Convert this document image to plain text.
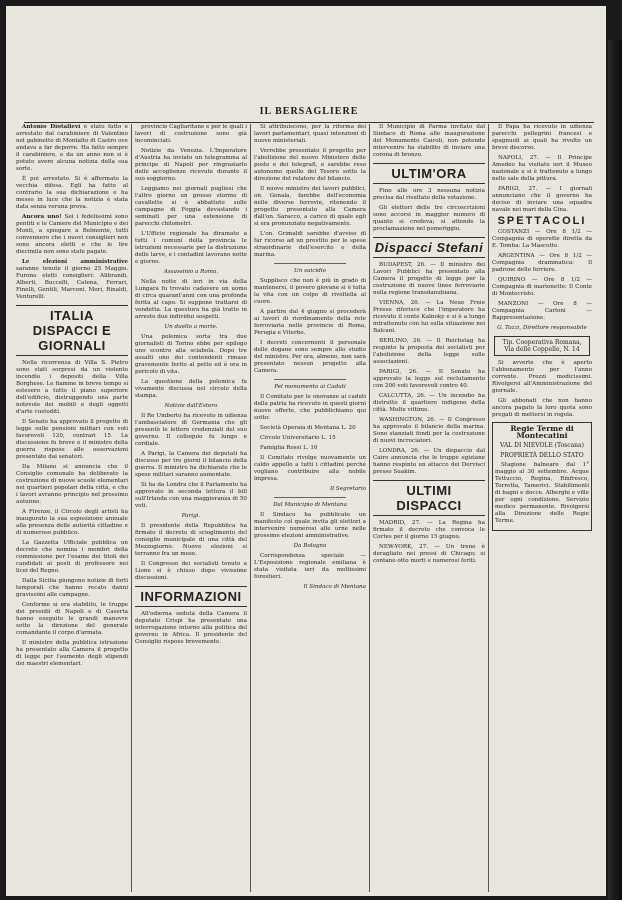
IL BERSAGLIERE

Antonio Diotallevi è stato fatto e arrestato dal carabiniere di Valentino nel gabinetto di Montalto di Castro ove andava a far deporre. Ha fatto sempre il carabiniere, e da un anno non si è potuto avere alcuna notizia della sua sorte.

È poi arrestato. Si è affermato la vecchia difesa. Egli ha fatto al contrario la sua dichiarazione e ha messo in luce che la notizia è stata data senza veruna prova.

Ancora uno! Sei i fedelissimi sono pentiti e le Camere del Municipio e dei Monti, a spiegare a Belmonte, tutti convennero che i nuovi consiglieri non sono ancora eletti e che le lire diecimila non sono state pagate.

Le elezioni amministrative saranno tenute il giorno 25 Maggio. Furono eletti consiglieri: Alibrandi, Alberti, Buccelli, Catena, Ferrari, Finelli, Gentili, Marconi, Mori, Rinaldi, Venturelli.

ITALIA DISPACCI E GIORNALI

Nella ricorrenza di Villa S. Pietro sono stati sorpresi da un violento incendio i depositi della Villa Borghese. Le fiamme in breve tempo si estesero a tutto il piano superiore dell'edificio, distruggendo una parte notevole dei mobili e degli oggetti d'arte custoditi.

Il Senato ha approvato il progetto di legge sulle pensioni militari con voti favorevoli 120, contrari 15. La discussione fu breve e il ministro della guerra rispose alle osservazioni presentate dai senatori.

Da Milano si annuncia che il Consiglio comunale ha deliberato la costruzione di nuove scuole elementari nei quartieri popolari della città, e che i lavori avranno principio nel prossimo autunno.

A Firenze, il Circolo degli artisti ha inaugurato la sua esposizione annuale alla presenza delle autorità cittadine e di numeroso pubblico.

La Gazzetta Ufficiale pubblica un decreto che nomina i membri della commissione per l'esame dei titoli dei candidati ai posti di professore nei licei del Regno.

Dalla Sicilia giungono notizie di forti temporali che hanno recato danni gravissimi alle campagne.

Conforme si era stabilito, le truppe dei presidii di Napoli e di Caserta hanno eseguito le grandi manovre sotto la direzione del generale comandante il corpo d'armata.

Il ministro della pubblica istruzione ha presentato alla Camera il progetto di legge per l'aumento degli stipendi dei maestri elementari.

provincie Cagliaritane e per le quali i lavori di costruzione sono già incominciati.

Notizie da Venezia. L'Imperatore d'Austria ha inviato un telegramma al principe di Napoli per ringraziarlo delle accoglienze ricevute durante il suo soggiorno.

Leggiamo nei giornali pugliesi che l'altro giorno un grosso stormo di cavallette si è abbattuto sulle campagne di Foggia devastando i seminati per una estensione di parecchi chilometri.

L'Ufficio regionale ha diramato a tutti i comuni della provincia le istruzioni necessarie per la distruzione delle larve, e i contadini lavorano notte e giorno.

Assassinio a Roma.

Nella notte di ieri in via della Lungara fu trovato cadavere un uomo di circa quarant'anni con una profonda ferita al capo. Si suppone trattarsi di vendetta. La questura ha già tratto in arresto due individui sospetti.

Un duello a morte.

Una polemica sorta tra due giornalisti di Torino ebbe per epilogo uno scontro alla sciabola. Dopo tre assalti uno dei contendenti rimase gravemente ferito al petto ed è ora in pericolo di vita.

La questione della polemica fu vivamente discussa nel circolo della stampa.

Notizie dall'Estero

Il Re Umberto ha ricevuto in udienza l'ambasciatore di Germania che gli presentò le lettere credenziali del suo governo. Il colloquio fu lungo e cordiale.

A Parigi, la Camera dei deputati ha discusso per tre giorni il bilancio della guerra. Il ministro ha dichiarato che le spese militari saranno aumentate.

Si ha da Londra che il Parlamento ha approvato in seconda lettura il bill sull'Irlanda con una maggioranza di 50 voti.

Parigi.

Il presidente della Repubblica ha firmato il decreto di scioglimento del consiglio municipale di una città del Mezzogiorno. Nuove elezioni si terranno fra un mese.

Il Congresso dei socialisti tenuto a Lione si è chiuso dopo vivissime discussioni.

INFORMAZIONI

All'odierna seduta della Camera il deputato Crispi ha presentato una interrogazione intorno alla politica del governo in Africa. Il presidente del Consiglio rispose brevemente.

Si attribuiscono, per la riforma dei lavori parlamentari, quasi intenzioni di nuove ministeriali.

Verrebbe presentato il progetto per l'abolizione del nuovo Ministero delle poste e dei telegrafi, e sarebbe reso autonomo quello del Tesoro sotto la direzione del relatore del bilancio.

Il nuovo ministro dei lavori pubblici, on. Genala, farebbe dell'economia nelle diverse ferrovie, ritenendo il progetto presentato alla Camera dall'on. Saracco, a carico di quale egli si era pronunziato negativamente.

L'on. Grimaldi sarebbe d'avviso di far ricorso ad un prestito per le spese straordinarie dell'esercito e della marina.

Un suicidio

Supplisco che non è più in grado di mantenersi, il povero giovane si è tolta la vita con un colpo di rivoltella al cuore.

A partire dal 4 giugno si procederà ai lavori di riordinamento della rete ferroviaria nelle provincie di Roma, Perugia e Viterbo.

I decreti concernenti il personale delle dogane sono sempre allo studio del ministro. Per ora, almeno, non sarà presentato nessun progetto alla Camera.

Pel monumento ai Caduti

Il Comitato per le onoranze ai caduti della patria ha ricevuto in questi giorni nuove offerte, che pubblichiamo qui sotto:

Società Operaia di Mentana L. 20

Circolo Universitario L. 15

Famiglia Rossi L. 10

Il Comitato rivolge nuovamente un caldo appello a tutti i cittadini perché vogliano contribuire alla nobile impresa.

Il Segretario

Dal Municipio di Mentana

Il Sindaco ha pubblicato un manifesto col quale invita gli elettori a intervenire numerosi alle urne nelle prossime elezioni amministrative.

Da Bologna

Corrispondenza speciale — L'Esposizione regionale emiliana è stata visitata ieri da moltissimi forestieri.

Il Sindaco di Mentana

Il Municipio di Parma invitato dal Sindaco di Roma alle inaugurazione del Monumento Cairoli, non potendo intervenire ha stabilito di inviare una corona di bronzo.

ULTIM'ORA

Fino alle ore 3 nessuna notizia precisa dal risultato della votazione.

Gli elettori delle tre circoscrizioni sono accorsi in maggior numero di quanto si credeva; si attende la proclamazione nel pomeriggio.

Dispacci Stefani

BUDAPEST, 26. — Il ministro dei Lavori Pubblici ha presentato alla Camera il progetto di legge per la costruzione di nuove linee ferroviarie nella regione transdanubiana.

VIENNA, 26. — La Neue Freie Presse riferisce che l'imperatore ha ricevuto il conte Kalnoky e si è a lungo intrattenuto con lui sulla situazione nei Balcani.

BERLINO, 26. — Il Reichstag ha respinto la proposta dei socialisti per l'abolizione della legge sulle associazioni.

PARIGI, 26. — Il Senato ha approvato la legge sul reclutamento con 200 voti favorevoli contro 40.

CALCUTTA, 26. — Un incendio ha distrutto il quartiere indigeno della città. Molte vittime.

WASHINGTON, 26. — Il Congresso ha approvato il bilancio della marina. Sono stanziati fondi per la costruzione di nuovi incrociatori.

LONDRA, 26. — Un dispaccio dal Cairo annuncia che le truppe egiziane hanno respinto un attacco dei Dervisci presso Suakim.

ULTIMI DISPACCI

MADRID, 27. — La Regina ha firmato il decreto che convoca le Cortes per il giorno 15 giugno.

NEW-YORK, 27. — Un treno è deragliato nei pressi di Chicago; si contano otto morti e numerosi feriti.

Il Papa ha ricevuto in udienza parecchi pellegrini francesi e spagnuoli ai quali ha rivolto un breve discorso.

NAPOLI, 27. — Il Principe Amedeo ha visitato ieri il Museo nazionale e si è trattenuto a lungo nelle sale della pittura.

PARIGI, 27. — I giornali annunciano che il governo ha deciso di inviare una squadra navale nei mari della Cina.

SPETTACOLI

COSTANZI — Ore 8 1/2 — Compagnia di operette diretta da E. Tomba: La Mascotte.

ARGENTINA — Ore 8 1/2 — Compagnia drammatica: Il padrone delle ferriere.

QUIRINO — Ore 8 1/2 — Compagnia di marionette: Il Conte di Montecristo.

MANZONI — Ore 8 — Compagnia Carloni — Rappresentazione.

G. Tozzi, Direttore responsabile

Tip. Cooperativa Romana, Via delle Coppelle, N. 14

Si avverte che è aperto l'abbonamento per l'anno corrente. Prezzi modicissimi. Rivolgersi all'Amministrazione del giornale.

Gli abbonati che non hanno ancora pagato la loro quota sono pregati di mettersi in regola.

Regie Terme di Montecatini

VAL DI NIEVOLE (Toscana)

PROPRIETÀ DELLO STATO

Stagione balneare dal 1° maggio al 30 settembre. Acque Tettuccio, Regina, Rinfresco, Torretta, Tamerici. Stabilimenti di bagni e docce. Alberghi e ville per ogni condizione. Servizio medico permanente. Rivolgersi alla Direzione delle Regie Terme.
